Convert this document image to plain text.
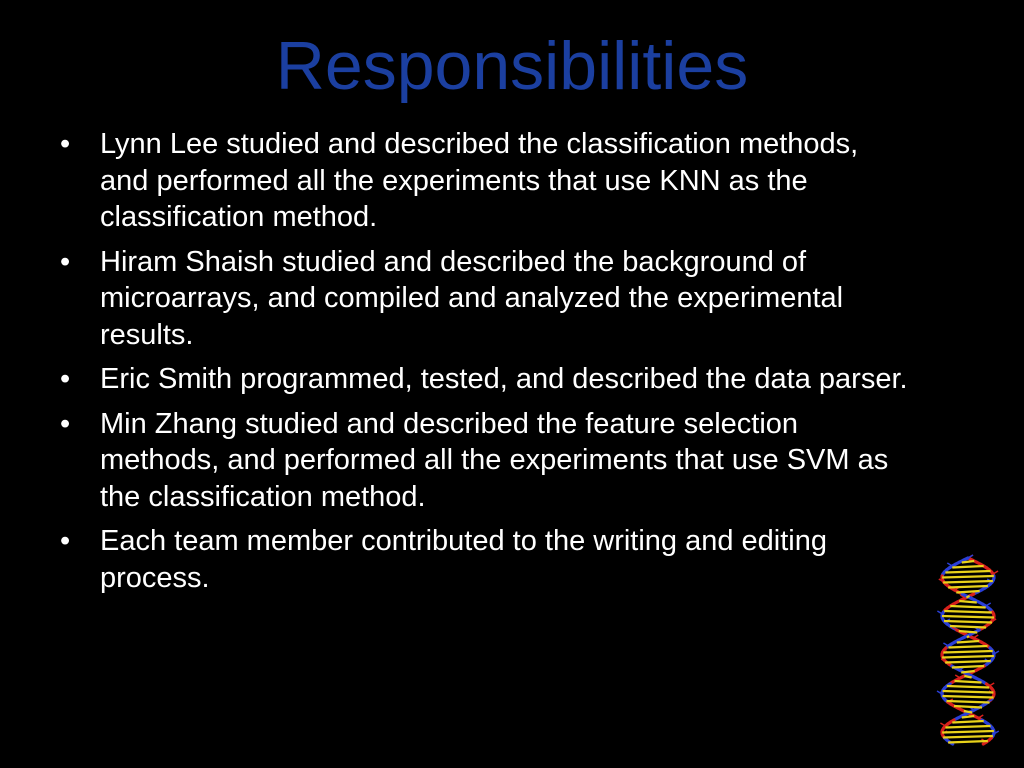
Responsibilities
• Lynn Lee studied and described the classification methods, and performed all the experiments that use KNN as the classification method.
• Hiram Shaish studied and described the background of microarrays, and compiled and analyzed the experimental results.
• Eric Smith programmed, tested, and described the data parser.
• Min Zhang studied and described the feature selection methods, and performed all the experiments that use SVM as the classification method.
• Each team member contributed to the writing and editing process.
